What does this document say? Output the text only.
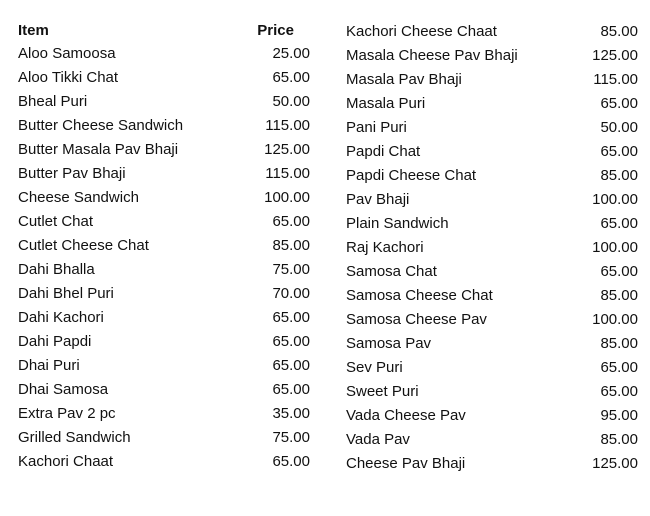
Item	Price
Aloo Samoosa	25.00
Aloo Tikki Chat	65.00
Bheal Puri	50.00
Butter Cheese Sandwich	115.00
Butter Masala Pav Bhaji	125.00
Butter Pav Bhaji	115.00
Cheese Sandwich	100.00
Cutlet Chat	65.00
Cutlet Cheese Chat	85.00
Dahi Bhalla	75.00
Dahi Bhel Puri	70.00
Dahi Kachori	65.00
Dahi Papdi	65.00
Dhai Puri	65.00
Dhai Samosa	65.00
Extra Pav 2 pc	35.00
Grilled Sandwich	75.00
Kachori Chaat	65.00
Kachori Cheese Chaat	85.00
Masala Cheese Pav Bhaji	125.00
Masala Pav Bhaji	115.00
Masala Puri	65.00
Pani Puri	50.00
Papdi Chat	65.00
Papdi Cheese Chat	85.00
Pav Bhaji	100.00
Plain Sandwich	65.00
Raj Kachori	100.00
Samosa Chat	65.00
Samosa Cheese Chat	85.00
Samosa Cheese Pav	100.00
Samosa Pav	85.00
Sev Puri	65.00
Sweet Puri	65.00
Vada Cheese Pav	95.00
Vada Pav	85.00
Cheese Pav Bhaji	125.00
